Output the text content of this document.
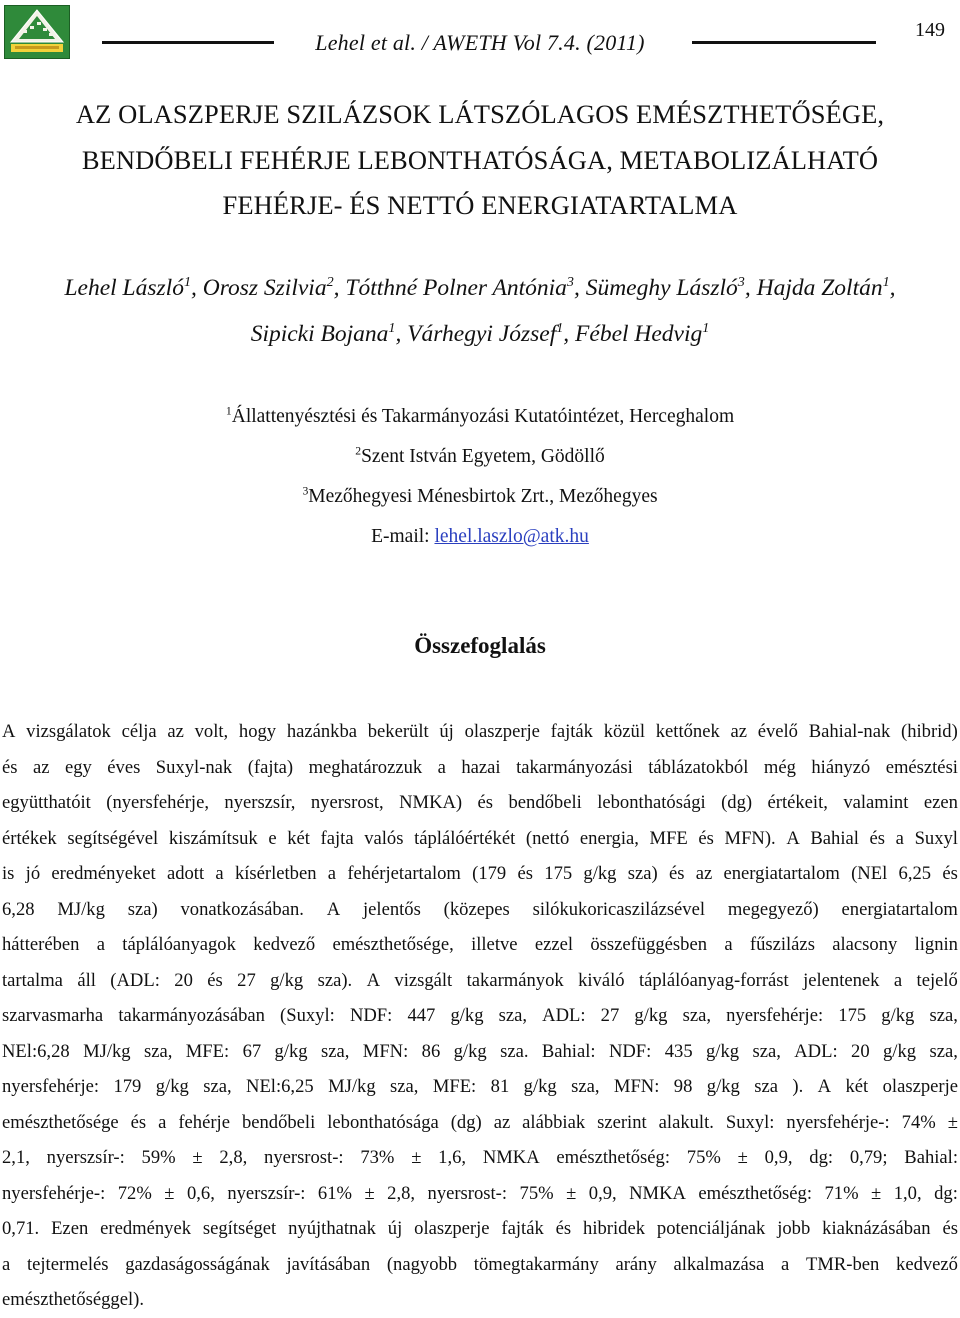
Lehel et al. / AWETH Vol 7.4. (2011)	149
AZ OLASZPERJE SZILÁZSOK LÁTSZÓLAGOS EMÉSZTHETŐSÉGE,
BENDŐBELI FEHÉRJE LEBONTHATÓSÁGA, METABOLIZÁLHATÓ
FEHÉRJE- ÉS NETTÓ ENERGIATARTALMA
Lehel László$^1$, Orosz Szilvia$^2$, Tótthné Polner Antónia$^3$, Sümeghy László$^3$, Hajda Zoltán$^1$,
Sipicki Bojana$^1$, Várhegyi József$^1$, Fébel Hedvig$^1$
$^1$Állattenyésztési és Takarmányozási Kutatóintézet, Herceghalom
$^2$Szent István Egyetem, Gödöllő
$^3$Mezőhegyesi Ménesbirtok Zrt., Mezőhegyes
E-mail: lehel.laszlo@atk.hu
Összefoglalás
A vizsgálatok célja az volt, hogy hazánkba bekerült új olaszperje fajták közül kettőnek az évelő Bahial-nak (hibrid)
és az egy éves Suxyl-nak (fajta) meghatározzuk a hazai takarmányozási táblázatokból még hiányzó emésztési
együtthatóit (nyersfehérje, nyerszsír, nyersrost, NMKA) és bendőbeli lebonthatósági (dg) értékeit, valamint ezen
értékek segítségével kiszámítsuk e két fajta valós táplálóértékét (nettó energia, MFE és MFN). A Bahial és a Suxyl
is jó eredményeket adott a kísérletben a fehérjetartalom (179 és 175 g/kg sza) és az energiatartalom (NEl 6,25 és
6,28 MJ/kg sza) vonatkozásában. A jelentős (közepes silókukoricaszilázsével megegyező) energiatartalom
hátterében a táplálóanyagok kedvező emészthetősége, illetve ezzel összefüggésben a fűszilázs alacsony lignin
tartalma áll (ADL: 20 és 27 g/kg sza). A vizsgált takarmányok kiváló táplálóanyag-forrást jelentenek a tejelő
szarvasmarha takarmányozásában (Suxyl: NDF: 447 g/kg sza, ADL: 27 g/kg sza, nyersfehérje: 175 g/kg sza,
NEl:6,28 MJ/kg sza, MFE: 67 g/kg sza, MFN: 86 g/kg sza. Bahial: NDF: 435 g/kg sza, ADL: 20 g/kg sza,
nyersfehérje: 179 g/kg sza, NEl:6,25 MJ/kg sza, MFE: 81 g/kg sza, MFN: 98 g/kg sza ). A két olaszperje
emészthetősége és a fehérje bendőbeli lebonthatósága (dg) az alábbiak szerint alakult. Suxyl: nyersfehérje-: 74% ±
2,1, nyerszsír-: 59% ± 2,8, nyersrost-: 73% ± 1,6, NMKA emészthetőség: 75% ± 0,9, dg: 0,79; Bahial:
nyersfehérje-: 72% ± 0,6, nyerszsír-: 61% ± 2,8, nyersrost-: 75% ± 0,9, NMKA emészthetőség: 71% ± 1,0, dg:
0,71. Ezen eredmények segítséget nyújthatnak új olaszperje fajták és hibridek potenciáljának jobb kiaknázásában és
a tejtermelés gazdaságosságának javításában (nagyobb tömegtakarmány arány alkalmazása a TMR-ben kedvező
emészthetőséggel).
